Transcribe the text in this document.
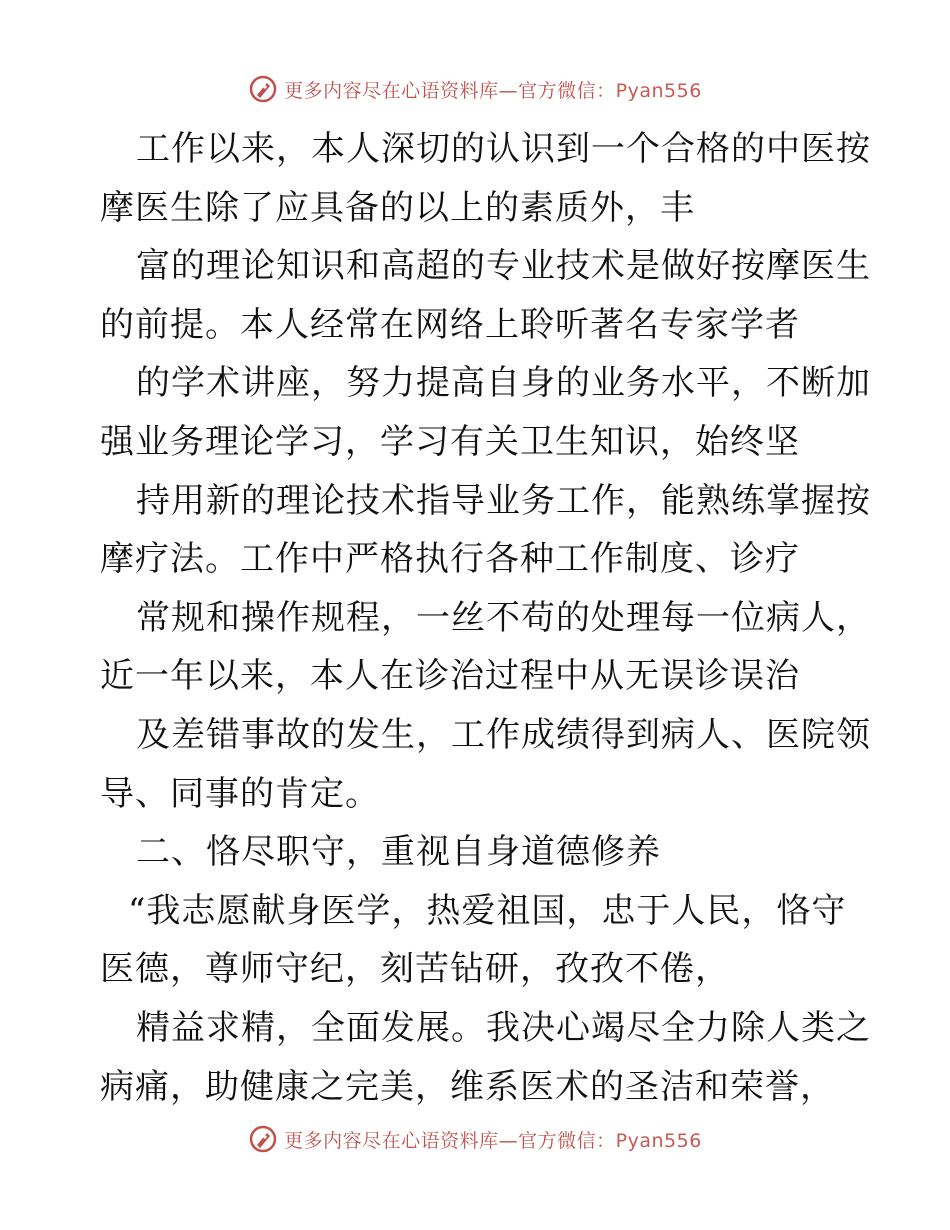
更多内容尽在心语资料库—官方微信：Pyan556
工作以来，本人深切的认识到一个合格的中医按
摩医生除了应具备的以上的素质外，丰
富的理论知识和高超的专业技术是做好按摩医生
的前提。本人经常在网络上聆听著名专家学者
的学术讲座，努力提高自身的业务水平，不断加
强业务理论学习，学习有关卫生知识，始终坚
持用新的理论技术指导业务工作，能熟练掌握按
摩疗法。工作中严格执行各种工作制度、诊疗
常规和操作规程，一丝不苟的处理每一位病人，
近一年以来，本人在诊治过程中从无误诊误治
及差错事故的发生，工作成绩得到病人、医院领
导、同事的肯定。
二、恪尽职守，重视自身道德修养
“我志愿献身医学，热爱祖国，忠于人民，恪守
医德，尊师守纪，刻苦钻研，孜孜不倦，
精益求精，全面发展。我决心竭尽全力除人类之
病痛，助健康之完美，维系医术的圣洁和荣誉，
更多内容尽在心语资料库—官方微信：Pyan556
